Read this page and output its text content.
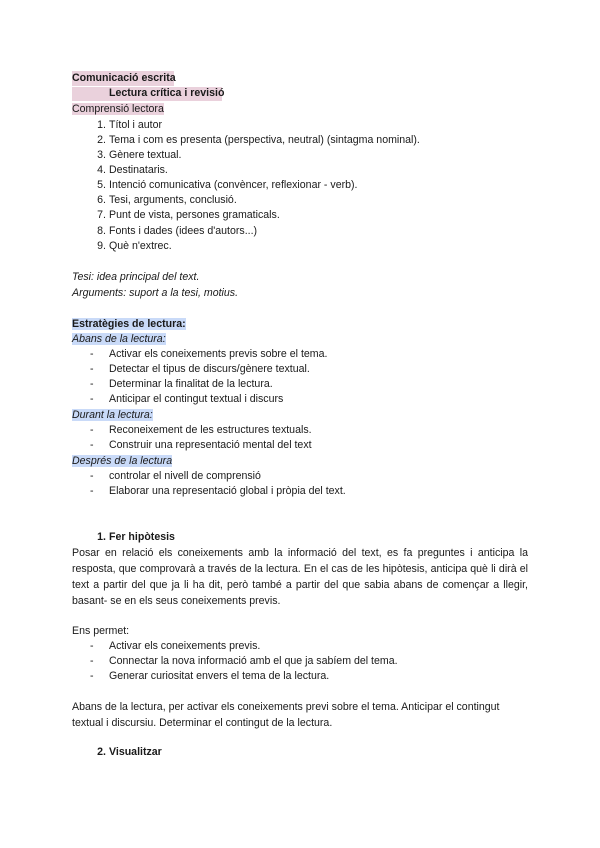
Comunicació escrita
Lectura crítica i revisió
Comprensió lectora
1. Títol i autor
2. Tema i com es presenta (perspectiva, neutral) (sintagma nominal).
3. Gènere textual.
4. Destinataris.
5. Intenció comunicativa (convèncer, reflexionar - verb).
6. Tesi, arguments, conclusió.
7. Punt de vista, persones gramaticals.
8. Fonts i dades (idees d'autors...)
9. Què n'extrec.
Tesi: idea principal del text.
Arguments: suport a la tesi, motius.
Estratègies de lectura:
Abans de la lectura:
- Activar els coneixements previs sobre el tema.
- Detectar el tipus de discurs/gènere textual.
- Determinar la finalitat de la lectura.
- Anticipar el contingut textual i discurs
Durant la lectura:
- Reconeixement de les estructures textuals.
- Construir una representació mental del text
Després de la lectura
- controlar el nivell de comprensió
- Elaborar una representació global i pròpia del text.
1. Fer hipòtesis
Posar en relació els coneixements amb la informació del text, es fa preguntes i anticipa la resposta, que comprovarà a través de la lectura. En el cas de les hipòtesis, anticipa què li dirà el text a partir del que ja li ha dit, però també a partir del que sabia abans de començar a llegir, basant- se en els seus coneixements previs.
Ens permet:
- Activar els coneixements previs.
- Connectar la nova informació amb el que ja sabíem del tema.
- Generar curiositat envers el tema de la lectura.
Abans de la lectura, per activar els coneixements previ sobre el tema. Anticipar el contingut textual i discursiu. Determinar el contingut de la lectura.
2. Visualitzar
